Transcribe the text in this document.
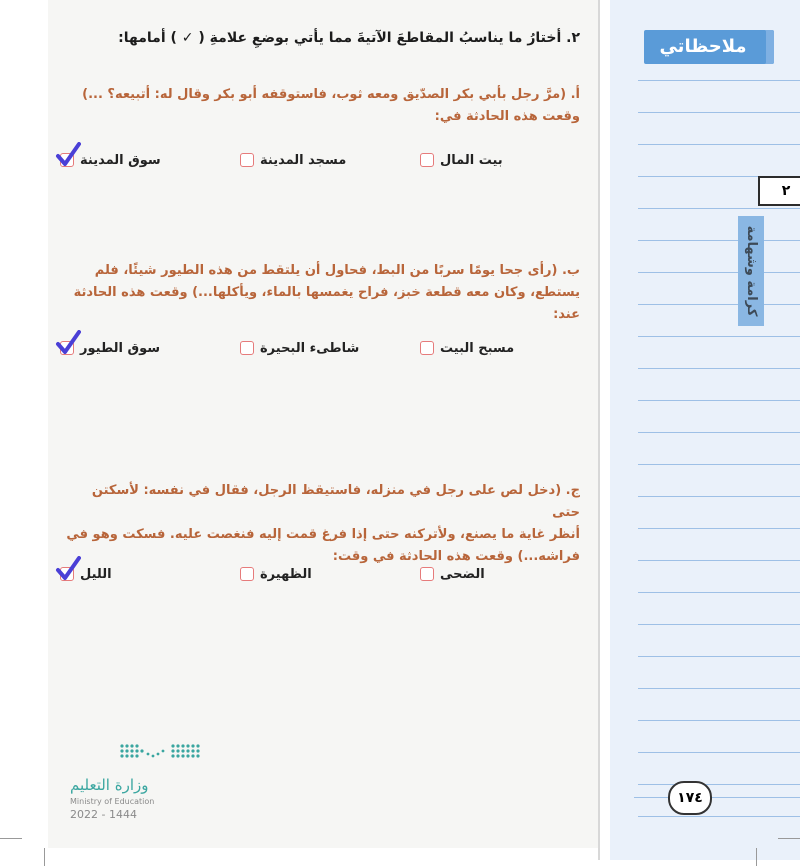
ملاحظاتي
٢
كرامة وشهامة
١٧٤
٢. أختارُ ما يناسبُ المقاطعَ الآتيةَ مما يأتي بوضعِ علامةِ ( ✓ ) أمامها:
أ. (مرَّ رجل بأبي بكر الصدّيق ومعه ثوب، فاستوقفه أبو بكر وقال له: أتبيعه؟ ...)
وقعت هذه الحادثة في:
بيت المال
مسجد المدينة
سوق المدينة
ب. (رأى جحا يومًا سربًا من البط، فحاول أن يلتقط من هذه الطيور شيئًا، فلم
يستطع، وكان معه قطعة خبز، فراح يغمسها بالماء، ويأكلها...) وقعت هذه الحادثة
عند:
مسبح البيت
شاطىء البحيرة
سوق الطيور
ج. (دخل لص على رجل في منزله، فاستيقظ الرجل، فقال في نفسه: لأسكتن حتى
أنظر غاية ما يصنع، ولأتركنه حتى إذا فرغ قمت إليه فنغصت عليه. فسكت وهو في
فراشه...) وقعت هذه الحادثة في وقت:
الضحى
الظهيرة
الليل
وزارة التعليم
Ministry of Education
2022 - 1444
